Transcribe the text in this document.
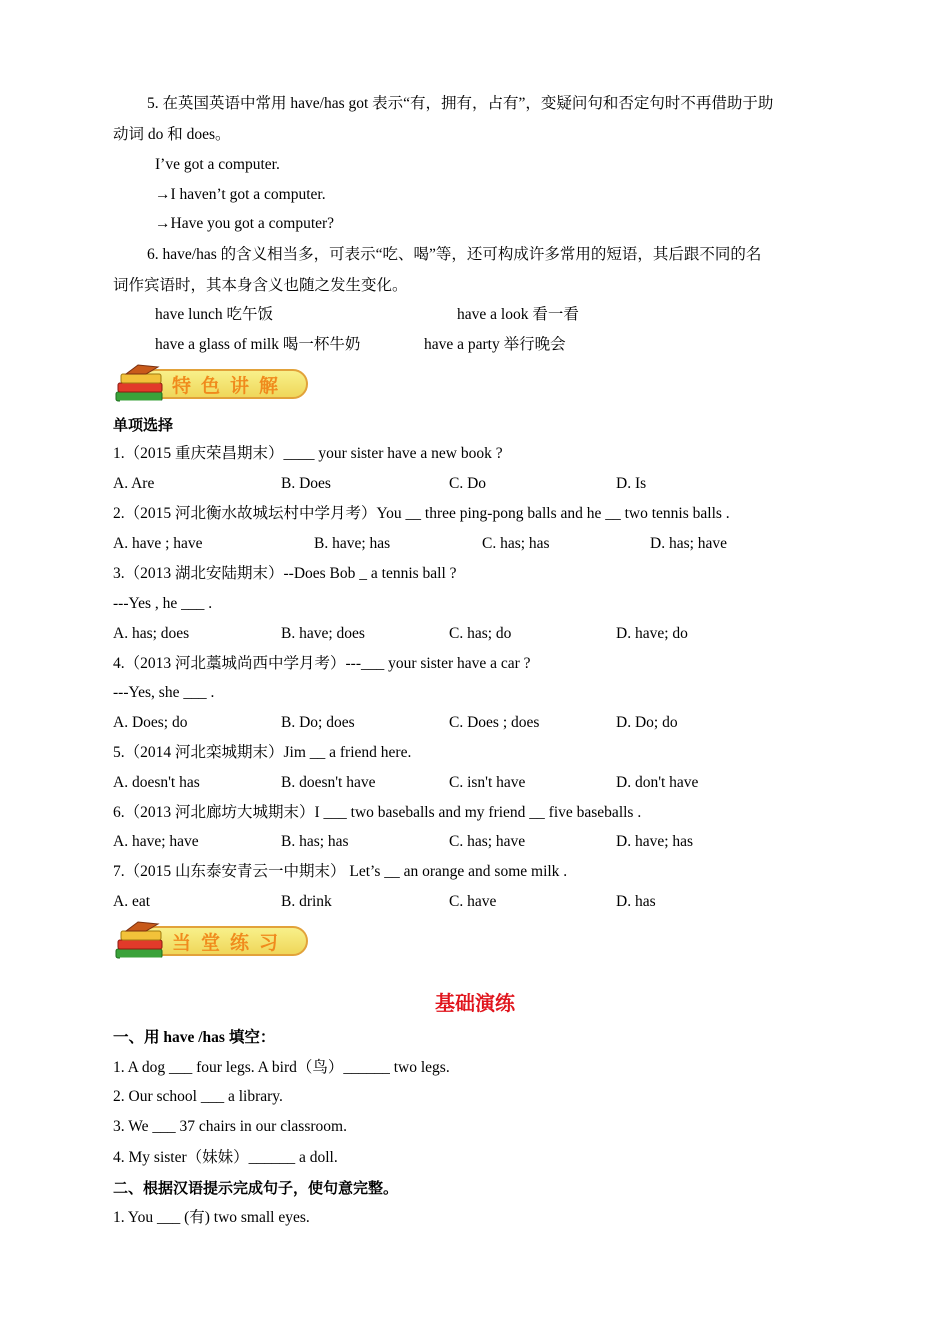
5. 在英国英语中常用 have/has got 表示“有，拥有，占有”，变疑问句和否定句时不再借助于助
动词 do 和 does。
I’ve got a computer.
→I haven’t got a computer.
→Have you got a computer?
6. have/has 的含义相当多，可表示“吃、喝”等，还可构成许多常用的短语，其后跟不同的名
词作宾语时，其本身含义也随之发生变化。
have lunch 吃午饭	have a look 看一看
have a glass of milk 喝一杯牛奶	have a party 举行晚会
特色讲解
单项选择
1.（2015 重庆荣昌期末）____ your sister have a new book ?
A. Are	B. Does	C. Do	D. Is
2.（2015 河北衡水故城坛村中学月考）You __ three ping-pong balls and he __ two tennis balls .
A. have ; have	B. have; has	C. has; has	D. has; have
3.（2013 湖北安陆期末）--Does Bob _ a tennis ball ?
---Yes , he ___ .
A. has; does	B. have; does	C. has; do	D. have; do
4.（2013 河北藁城尚西中学月考）---___ your sister have a car ?
---Yes, she ___ .
A. Does; do	B. Do; does	C. Does ; does	D. Do; do
5.（2014 河北栾城期末）Jim __ a friend here.
A. doesn't has	B. doesn't have	C. isn't have	D. don't have
6.（2013 河北廊坊大城期末）I ___ two baseballs and my friend __ five baseballs .
A. have; have	B. has; has	C. has; have	D. have; has
7.（2015 山东泰安青云一中期末） Let’s __ an orange and some milk .
A. eat	B. drink	C. have	D. has
当堂练习
基础演练
一、用 have /has 填空：
1. A dog ___ four legs. A bird（鸟）______ two legs.
2. Our school ___ a library.
3. We ___ 37 chairs in our classroom.
4. My sister（妹妹）______ a doll.
二、根据汉语提示完成句子，使句意完整。
1. You ___ (有) two small eyes.
